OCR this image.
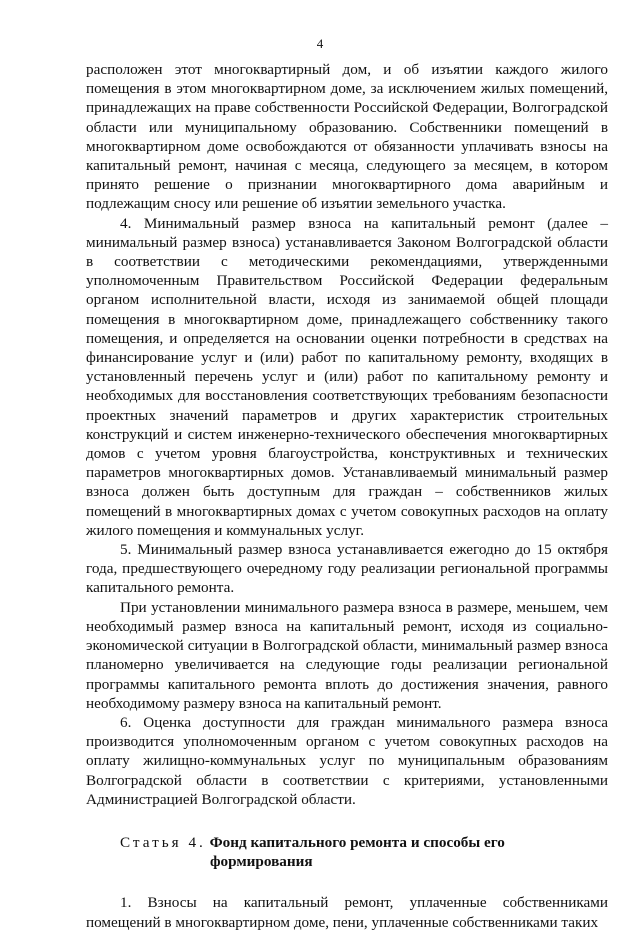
4

расположен этот многоквартирный дом, и об изъятии каждого жилого помещения в этом многоквартирном доме, за исключением жилых помещений, принадлежащих на праве собственности Российской Федерации, Волгоградской области или муниципальному образованию. Собственники помещений в многоквартирном доме освобождаются от обязанности уплачивать взносы на капитальный ремонт, начиная с месяца, следующего за месяцем, в котором принято решение о признании многоквартирного дома аварийным и подлежащим сносу или решение об изъятии земельного участка.

4. Минимальный размер взноса на капитальный ремонт (далее – минимальный размер взноса) устанавливается Законом Волгоградской области в соответствии с методическими рекомендациями, утвержденными уполномоченным Правительством Российской Федерации федеральным органом исполнительной власти, исходя из занимаемой общей площади помещения в многоквартирном доме, принадлежащего собственнику такого помещения, и определяется на основании оценки потребности в средствах на финансирование услуг и (или) работ по капитальному ремонту, входящих в установленный перечень услуг и (или) работ по капитальному ремонту и необходимых для восстановления соответствующих требованиям безопасности проектных значений параметров и других характеристик строительных конструкций и систем инженерно-технического обеспечения многоквартирных домов с учетом уровня благоустройства, конструктивных и технических параметров многоквартирных домов. Устанавливаемый минимальный размер взноса должен быть доступным для граждан – собственников жилых помещений в многоквартирных домах с учетом совокупных расходов на оплату жилого помещения и коммунальных услуг.

5. Минимальный размер взноса устанавливается ежегодно до 15 октября года, предшествующего очередному году реализации региональной программы капитального ремонта.

При установлении минимального размера взноса в размере, меньшем, чем необходимый размер взноса на капитальный ремонт, исходя из социально-экономической ситуации в Волгоградской области, минимальный размер взноса планомерно увеличивается на следующие годы реализации региональной программы капитального ремонта вплоть до достижения значения, равного необходимому размеру взноса на капитальный ремонт.

6. Оценка доступности для граждан минимального размера взноса производится уполномоченным органом с учетом совокупных расходов на оплату жилищно-коммунальных услуг по муниципальным образованиям Волгоградской области в соответствии с критериями, установленными Администрацией Волгоградской области.

Статья 4. Фонд капитального ремонта и способы его
формирования

1. Взносы на капитальный ремонт, уплаченные собственниками помещений в многоквартирном доме, пени, уплаченные собственниками таких
